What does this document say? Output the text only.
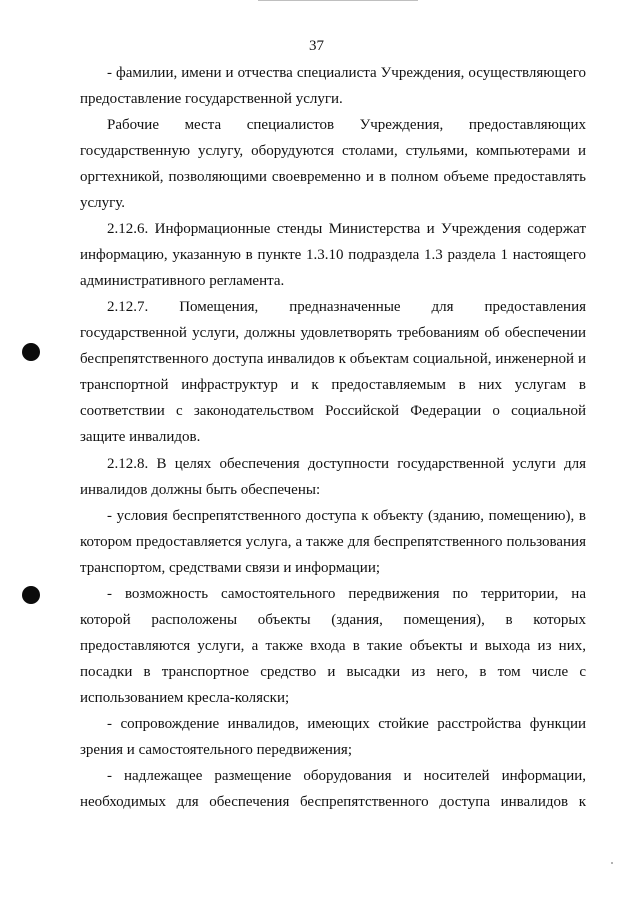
37
- фамилии, имени и отчества специалиста Учреждения, осуществляющего
предоставление государственной услуги.
Рабочие места специалистов Учреждения, предоставляющих
государственную услугу, оборудуются столами, стульями, компьютерами и
оргтехникой, позволяющими своевременно и в полном объеме предоставлять
услугу.
2.12.6. Информационные стенды Министерства и Учреждения содержат
информацию, указанную в пункте 1.3.10 подраздела 1.3 раздела 1 настоящего
административного регламента.
2.12.7. Помещения, предназначенные для предоставления
государственной услуги, должны удовлетворять требованиям об обеспечении
беспрепятственного доступа инвалидов к объектам социальной, инженерной и
транспортной инфраструктур и к предоставляемым в них услугам в
соответствии с законодательством Российской Федерации о социальной
защите инвалидов.
2.12.8. В целях обеспечения доступности государственной услуги для
инвалидов должны быть обеспечены:
- условия беспрепятственного доступа к объекту (зданию, помещению), в
котором предоставляется услуга, а также для беспрепятственного пользования
транспортом, средствами связи и информации;
- возможность самостоятельного передвижения по территории, на
которой расположены объекты (здания, помещения), в которых
предоставляются услуги, а также входа в такие объекты и выхода из них,
посадки в транспортное средство и высадки из него, в том числе с
использованием кресла-коляски;
- сопровождение инвалидов, имеющих стойкие расстройства функции
зрения и самостоятельного передвижения;
- надлежащее размещение оборудования и носителей информации,
необходимых для обеспечения беспрепятственного доступа инвалидов к
